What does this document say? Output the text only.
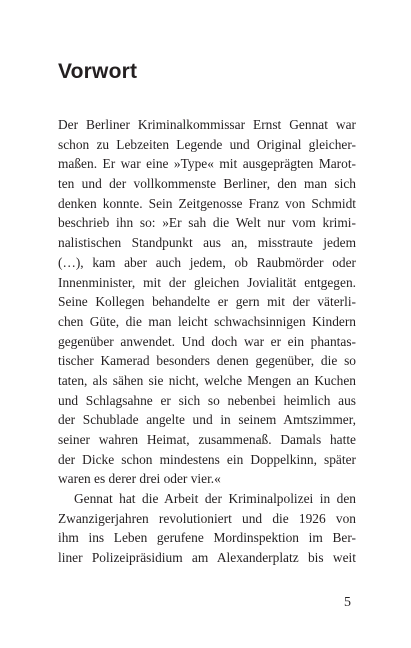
Vorwort
Der Berliner Kriminalkommissar Ernst Gennat war
schon zu Lebzeiten Legende und Original gleicher-
maßen. Er war eine »Type« mit ausgeprägten Marot-
ten und der vollkommenste Berliner, den man sich
denken konnte. Sein Zeitgenosse Franz von Schmidt
beschrieb ihn so: »Er sah die Welt nur vom krimi-
nalistischen Standpunkt aus an, misstraute jedem
(…), kam aber auch jedem, ob Raubmörder oder
Innenminister, mit der gleichen Jovialität entgegen.
Seine Kollegen behandelte er gern mit der väterli-
chen Güte, die man leicht schwachsinnigen Kindern
gegenüber anwendet. Und doch war er ein phantas-
tischer Kamerad besonders denen gegenüber, die so
taten, als sähen sie nicht, welche Mengen an Kuchen
und Schlagsahne er sich so nebenbei heimlich aus
der Schublade angelte und in seinem Amtszimmer,
seiner wahren Heimat, zusammenaß. Damals hatte
der Dicke schon mindestens ein Doppelkinn, später
waren es derer drei oder vier.«
Gennat hat die Arbeit der Kriminalpolizei in den
Zwanzigerjahren revolutioniert und die 1926 von
ihm ins Leben gerufene Mordinspektion im Ber-
liner Polizeipräsidium am Alexanderplatz bis weit
5
